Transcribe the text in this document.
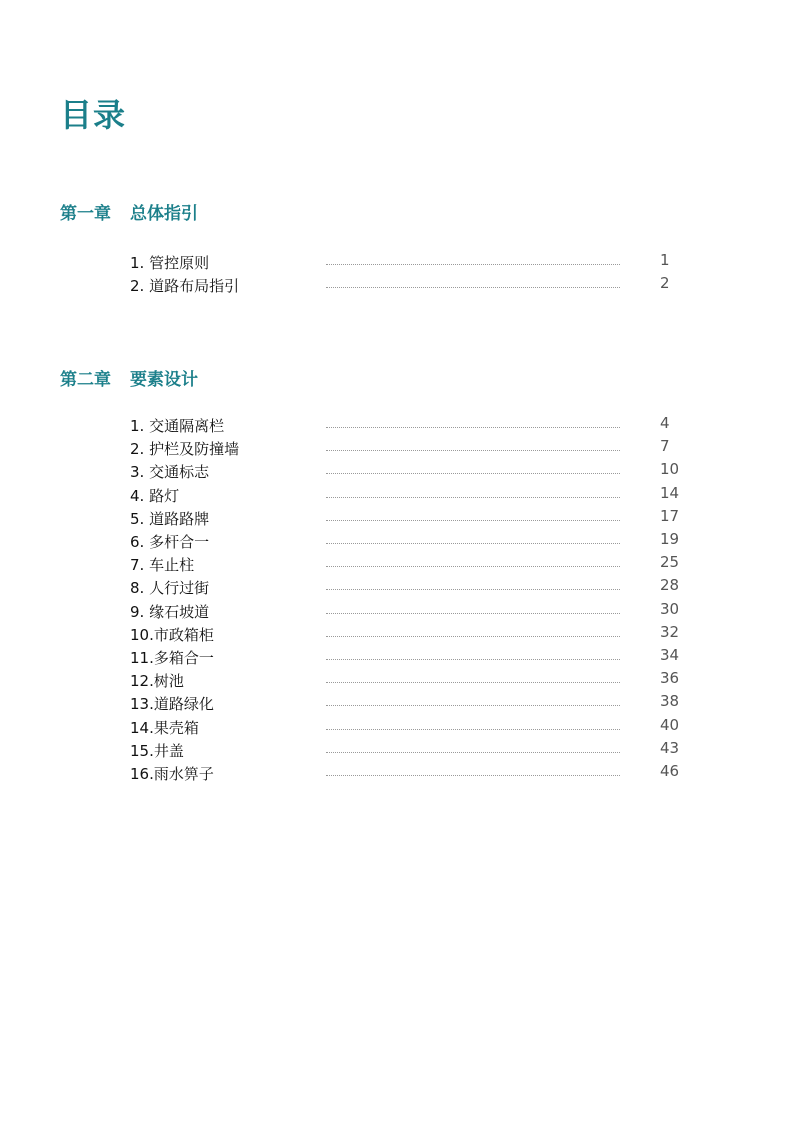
目录
第一章 总体指引
1. 管控原则	1
2. 道路布局指引	2
第二章 要素设计
1. 交通隔离栏	4
2. 护栏及防撞墙	7
3. 交通标志	10
4. 路灯	14
5. 道路路牌	17
6. 多杆合一	19
7. 车止柱	25
8. 人行过街	28
9. 缘石坡道	30
10.市政箱柜	32
11.多箱合一	34
12.树池	36
13.道路绿化	38
14.果壳箱	40
15.井盖	43
16.雨水箅子	46
